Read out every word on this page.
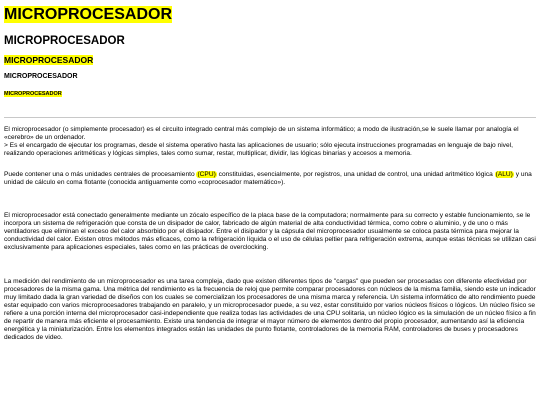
MICROPROCESADOR
MICROPROCESADOR
MICROPROCESADOR
MICROPROCESADOR
MICROPROCESADOR

El microprocesador (o simplemente procesador) es el circuito integrado central más complejo de un sistema informático; a modo de ilustración,se le suele llamar por analogía el «cerebro» de un ordenador.
> Es el encargado de ejecutar los programas, desde el sistema operativo hasta las aplicaciones de usuario; sólo ejecuta instrucciones programadas en lenguaje de bajo nivel, realizando operaciones aritméticas y lógicas simples, tales como sumar, restar, multiplicar, dividir, las lógicas binarias y accesos a memoria.

Puede contener una o más unidades centrales de procesamiento (CPU) constituidas, esencialmente, por registros, una unidad de control, una unidad aritmético lógica (ALU) y una unidad de cálculo en coma flotante (conocida antiguamente como «coprocesador matemático»).

El microprocesador está conectado generalmente mediante un zócalo específico de la placa base de la computadora; normalmente para su correcto y estable funcionamiento, se le incorpora un sistema de refrigeración que consta de un disipador de calor, fabricado de algún material de alta conductividad térmica, como cobre o aluminio, y de uno o más ventiladores que eliminan el exceso del calor absorbido por el disipador. Entre el disipador y la cápsula del microprocesador usualmente se coloca pasta térmica para mejorar la conductividad del calor. Existen otros métodos más eficaces, como la refrigeración líquida o el uso de células peltier para refrigeración extrema, aunque estas técnicas se utilizan casi exclusivamente para aplicaciones especiales, tales como en las prácticas de overclocking.

La medición del rendimiento de un microprocesador es una tarea compleja, dado que existen diferentes tipos de "cargas" que pueden ser procesadas con diferente efectividad por procesadores de la misma gama. Una métrica del rendimiento es la frecuencia de reloj que permite comparar procesadores con núcleos de la misma familia, siendo este un indicador muy limitado dada la gran variedad de diseños con los cuales se comercializan los procesadores de una misma marca y referencia. Un sistema informático de alto rendimiento puede estar equipado con varios microprocesadores trabajando en paralelo, y un microprocesador puede, a su vez, estar constituido por varios núcleos físicos o lógicos. Un núcleo físico se refiere a una porción interna del microprocesador casi-independiente que realiza todas las actividades de una CPU solitaria, un núcleo lógico es la simulación de un núcleo físico a fin de repartir de manera más eficiente el procesamiento. Existe una tendencia de integrar el mayor número de elementos dentro del propio procesador, aumentando así la eficiencia energética y la miniaturización. Entre los elementos integrados están las unidades de punto flotante, controladores de la memoria RAM, controladores de buses y procesadores dedicados de video.
